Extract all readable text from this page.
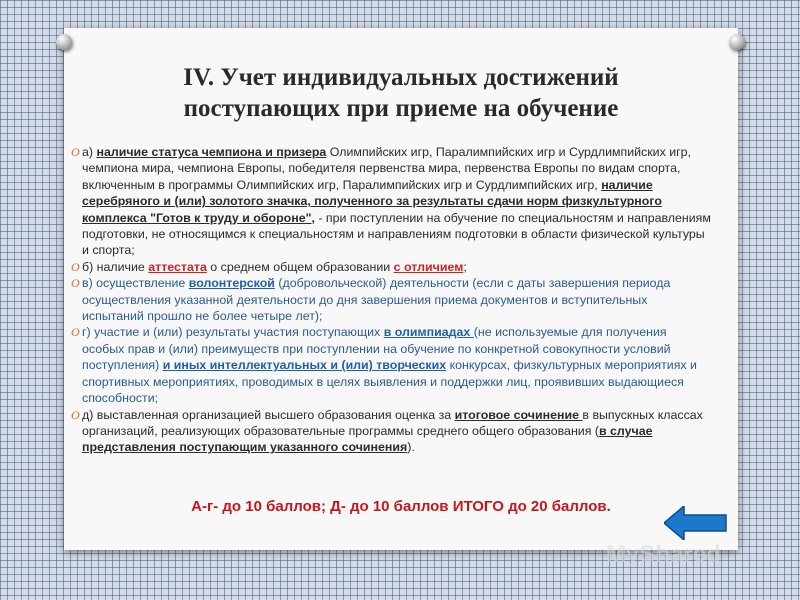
IV. Учет индивидуальных достижений
поступающих при приеме на обучение

O а) наличие статуса чемпиона и призера Олимпийских игр, Паралимпийских игр и Сурдлимпийских игр, чемпиона мира, чемпиона Европы, победителя первенства мира, первенства Европы по видам спорта, включенным в программы Олимпийских игр, Паралимпийских игр и Сурдлимпийских игр, наличие серебряного и (или) золотого значка, полученного за результаты сдачи норм физкультурного комплекса "Готов к труду и обороне", - при поступлении на обучение по специальностям и направлениям подготовки, не относящимся к специальностям и направлениям подготовки в области физической культуры и спорта;

O б) наличие аттестата о среднем общем образовании с отличием;

O в) осуществление волонтерской (добровольческой) деятельности (если с даты завершения периода осуществления указанной деятельности до дня завершения приема документов и вступительных испытаний прошло не более четыре лет);

O г) участие и (или) результаты участия поступающих в олимпиадах (не используемые для получения особых прав и (или) преимуществ при поступлении на обучение по конкретной совокупности условий поступления) и иных интеллектуальных и (или) творческих конкурсах, физкультурных мероприятиях и спортивных мероприятиях, проводимых в целях выявления и поддержки лиц, проявивших выдающиеся способности;

O д) выставленная организацией высшего образования оценка за итоговое сочинение в выпускных классах организаций, реализующих образовательные программы среднего общего образования (в случае представления поступающим указанного сочинения).

А-г- до 10 баллов; Д- до 10 баллов ИТОГО до 20 баллов.
MyShared
